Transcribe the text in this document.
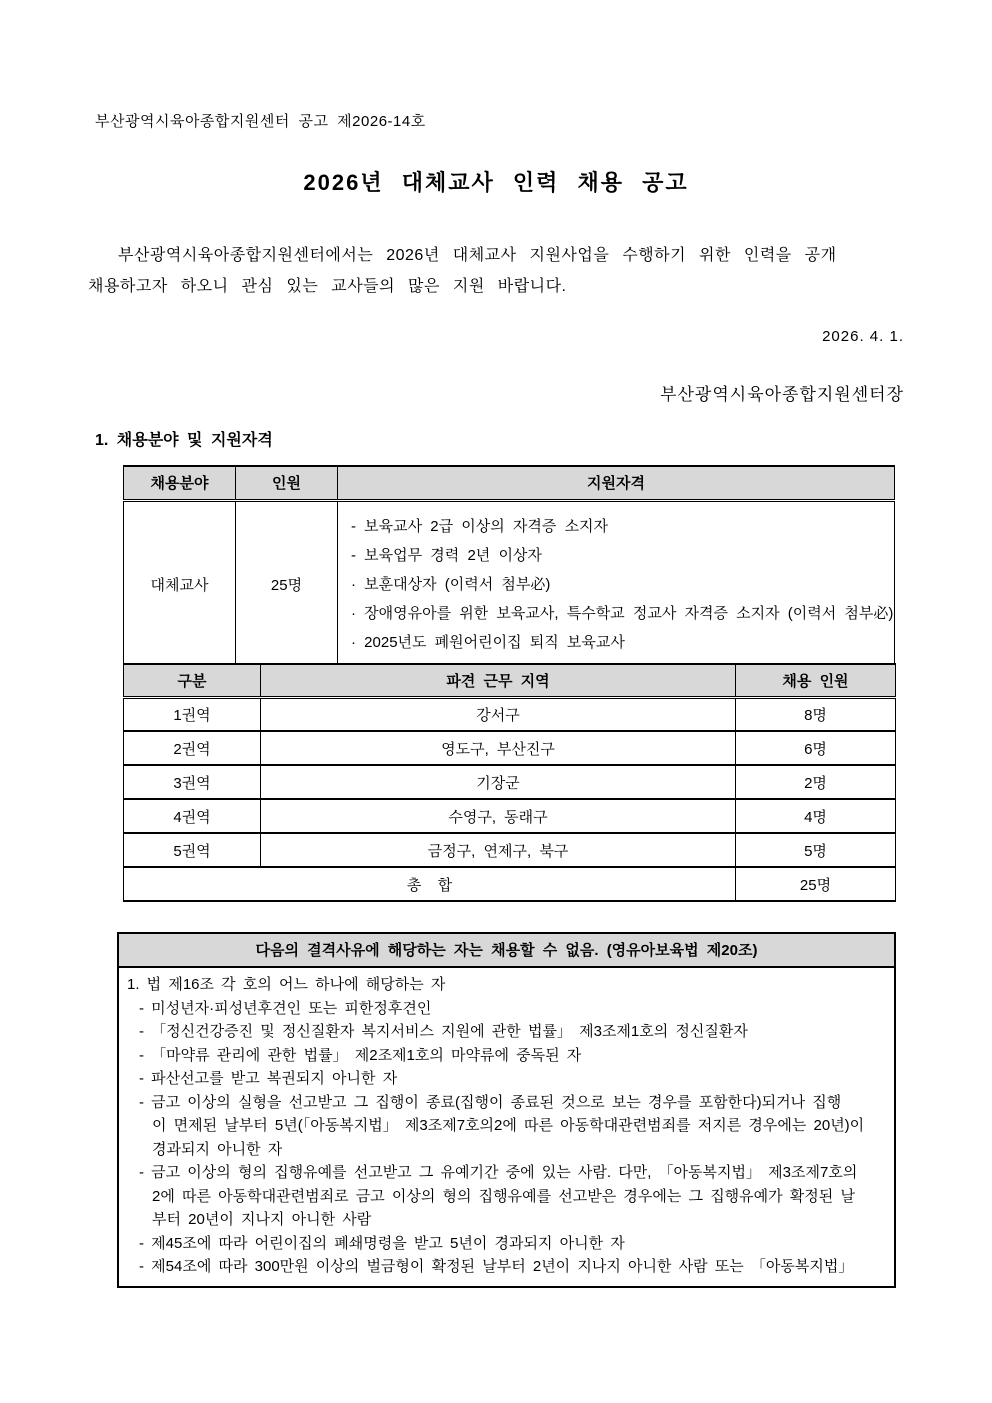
부산광역시육아종합지원센터 공고 제2026-14호
2026년 대체교사 인력 채용 공고
부산광역시육아종합지원센터에서는 2026년 대체교사 지원사업을 수행하기 위한 인력을 공개
채용하고자 하오니 관심 있는 교사들의 많은 지원 바랍니다.
2026. 4. 1.
부산광역시육아종합지원센터장
1. 채용분야 및 지원자격
채용분야	인원	지원자격
대체교사	25명	- 보육교사 2급 이상의 자격증 소지자
- 보육업무 경력 2년 이상자
· 보훈대상자 (이력서 첨부必)
· 장애영유아를 위한 보육교사, 특수학교 정교사 자격증 소지자 (이력서 첨부必)
· 2025년도 폐원어린이집 퇴직 보육교사
구분	파견 근무 지역	채용 인원
1권역	강서구	8명
2권역	영도구, 부산진구	6명
3권역	기장군	2명
4권역	수영구, 동래구	4명
5권역	금정구, 연제구, 북구	5명
총  합		25명
다음의 결격사유에 해당하는 자는 채용할 수 없음. (영유아보육법 제20조)
1. 법 제16조 각 호의 어느 하나에 해당하는 자
- 미성년자·피성년후견인 또는 피한정후견인
- 「정신건강증진 및 정신질환자 복지서비스 지원에 관한 법률」 제3조제1호의 정신질환자
- 「마약류 관리에 관한 법률」 제2조제1호의 마약류에 중독된 자
- 파산선고를 받고 복권되지 아니한 자
- 금고 이상의 실형을 선고받고 그 집행이 종료(집행이 종료된 것으로 보는 경우를 포함한다)되거나 집행
이 면제된 날부터 5년(「아동복지법」 제3조제7호의2에 따른 아동학대관련범죄를 저지른 경우에는 20년)이
경과되지 아니한 자
- 금고 이상의 형의 집행유예를 선고받고 그 유예기간 중에 있는 사람. 다만, 「아동복지법」 제3조제7호의
2에 따른 아동학대관련범죄로 금고 이상의 형의 집행유예를 선고받은 경우에는 그 집행유예가 확정된 날
부터 20년이 지나지 아니한 사람
- 제45조에 따라 어린이집의 폐쇄명령을 받고 5년이 경과되지 아니한 자
- 제54조에 따라 300만원 이상의 벌금형이 확정된 날부터 2년이 지나지 아니한 사람 또는 「아동복지법」
